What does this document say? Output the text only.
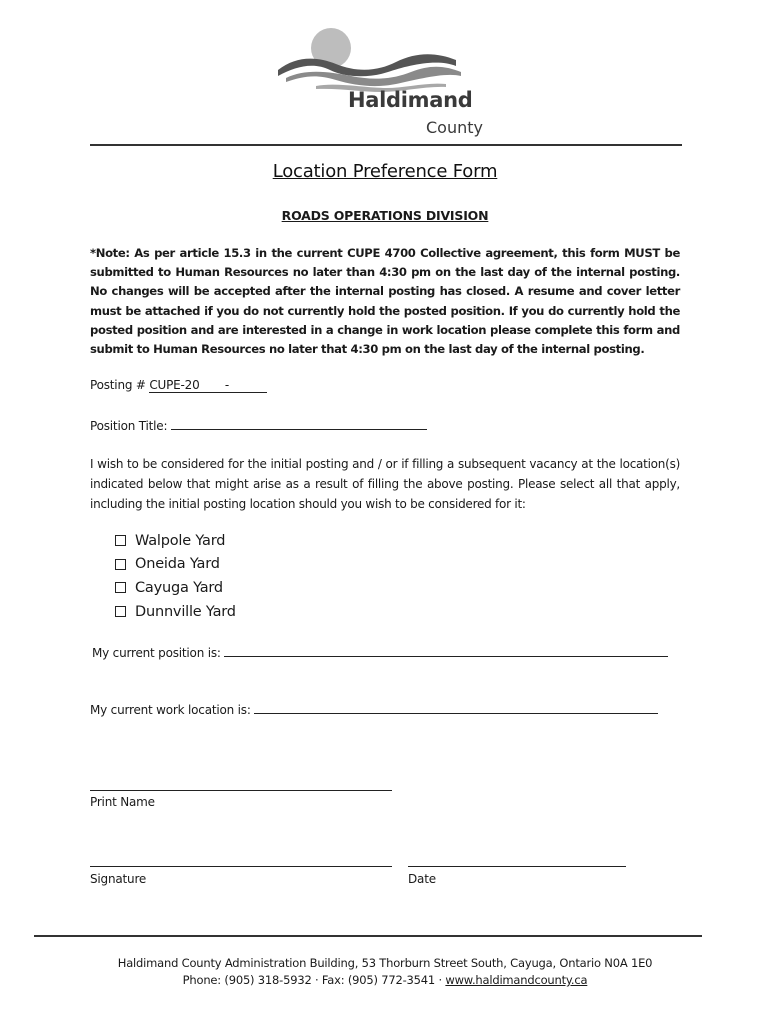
Haldimand

County

Location Preference Form
ROADS OPERATIONS DIVISION

*Note: As per article 15.3 in the current CUPE 4700 Collective agreement, this form MUST be submitted to Human Resources no later than 4:30 pm on the last day of the internal posting. No changes will be accepted after the internal posting has closed. A resume and cover letter must be attached if you do not currently hold the posted position. If you do currently hold the posted position and are interested in a change in work location please complete this form and submit to Human Resources no later that 4:30 pm on the last day of the internal posting.

Posting # CUPE-20       -
Position Title:

I wish to be considered for the initial posting and / or if filling a subsequent vacancy at the location(s) indicated below that might arise as a result of filling the above posting. Please select all that apply, including the initial posting location should you wish to be considered for it:

Walpole Yard
Oneida Yard
Cayuga Yard
Dunnville Yard
My current position is:
My current work location is:
Print Name
Signature	Date
Haldimand County Administration Building, 53 Thorburn Street South, Cayuga, Ontario N0A 1E0
Phone: (905) 318-5932 · Fax: (905) 772-3541 · www.haldimandcounty.ca
